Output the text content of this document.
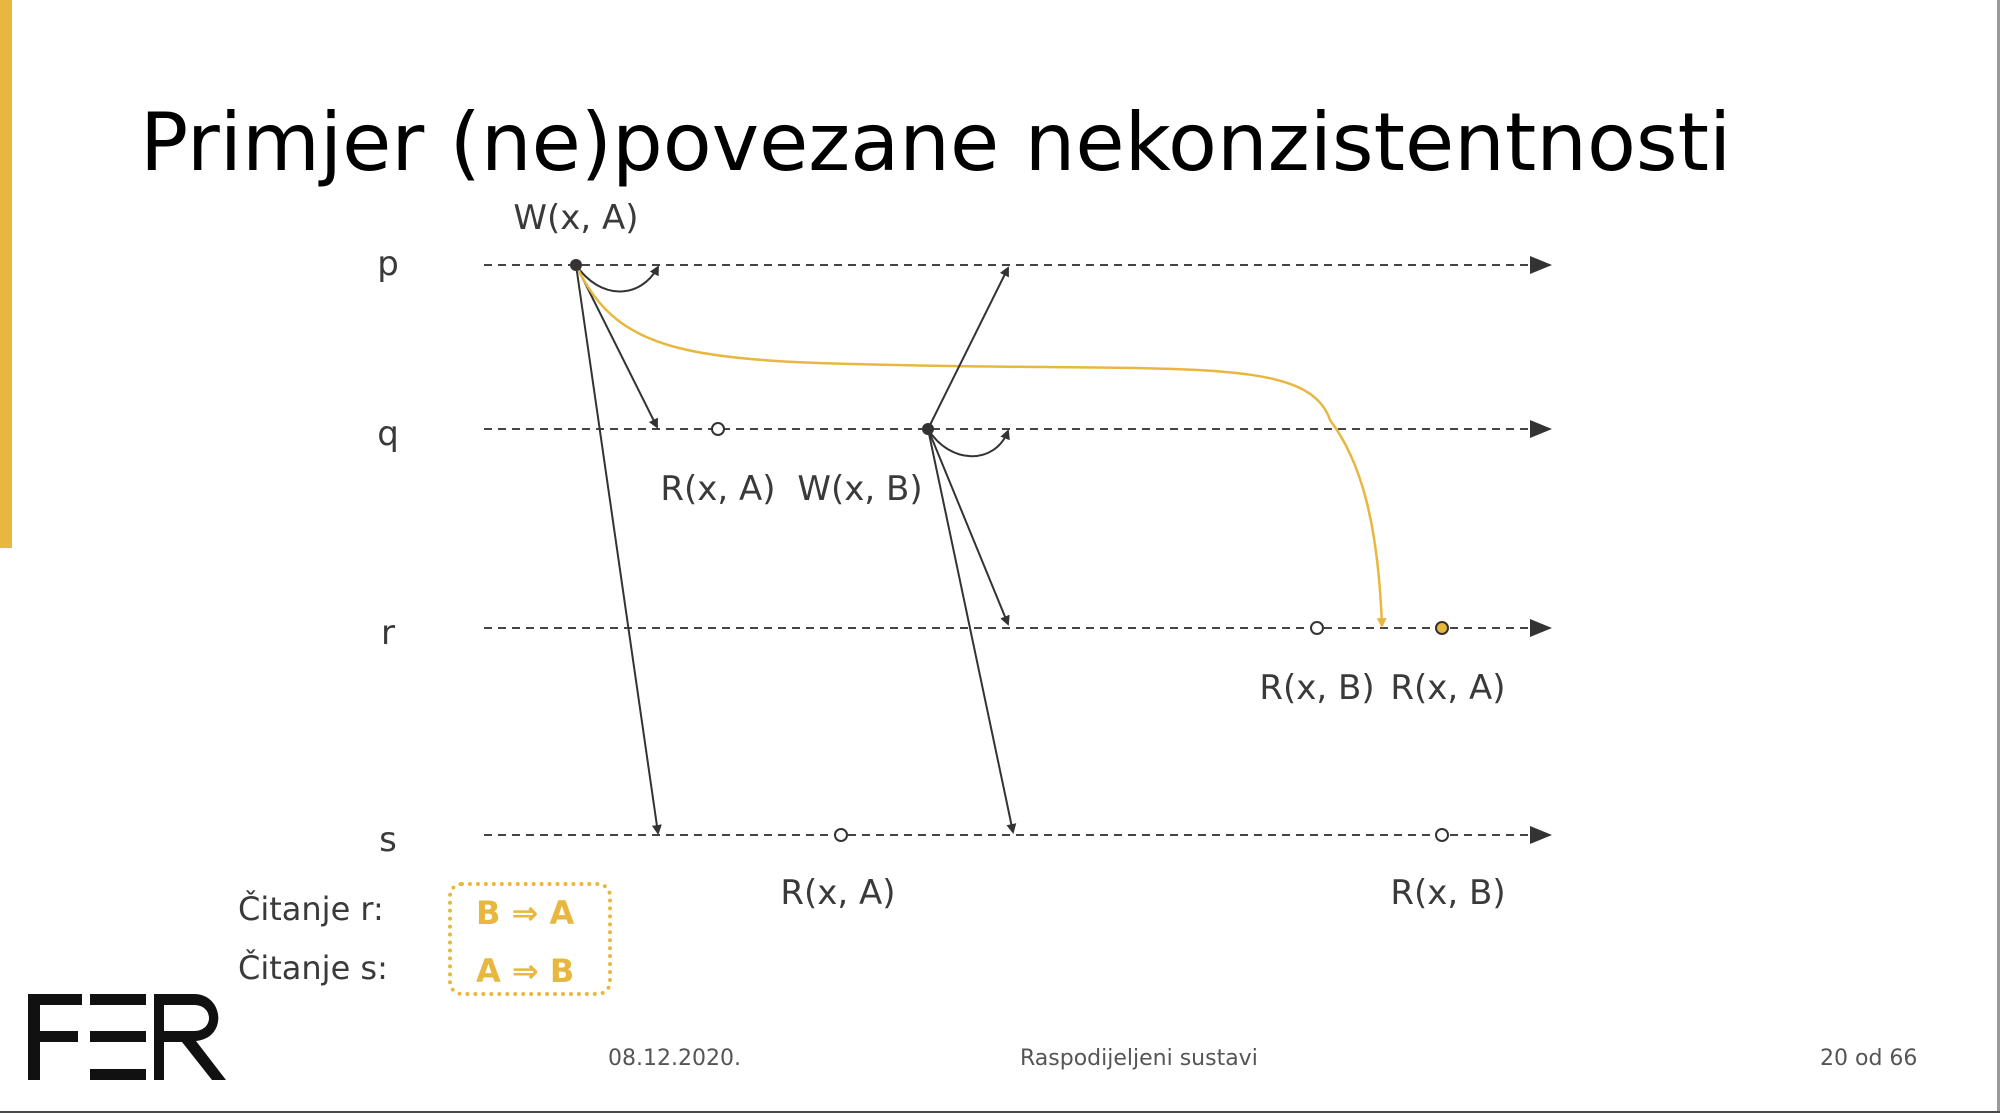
Primjer (ne)povezane nekonzistentnosti
p
q
r
s
W(x, A)
R(x, A) W(x, B)
R(x, B) R(x, A)
R(x, A)	R(x, B)
Čitanje r:
Čitanje s:
B ⇒ A
A ⇒ B
08.12.2020.	Raspodijeljeni sustavi	20 od 66
